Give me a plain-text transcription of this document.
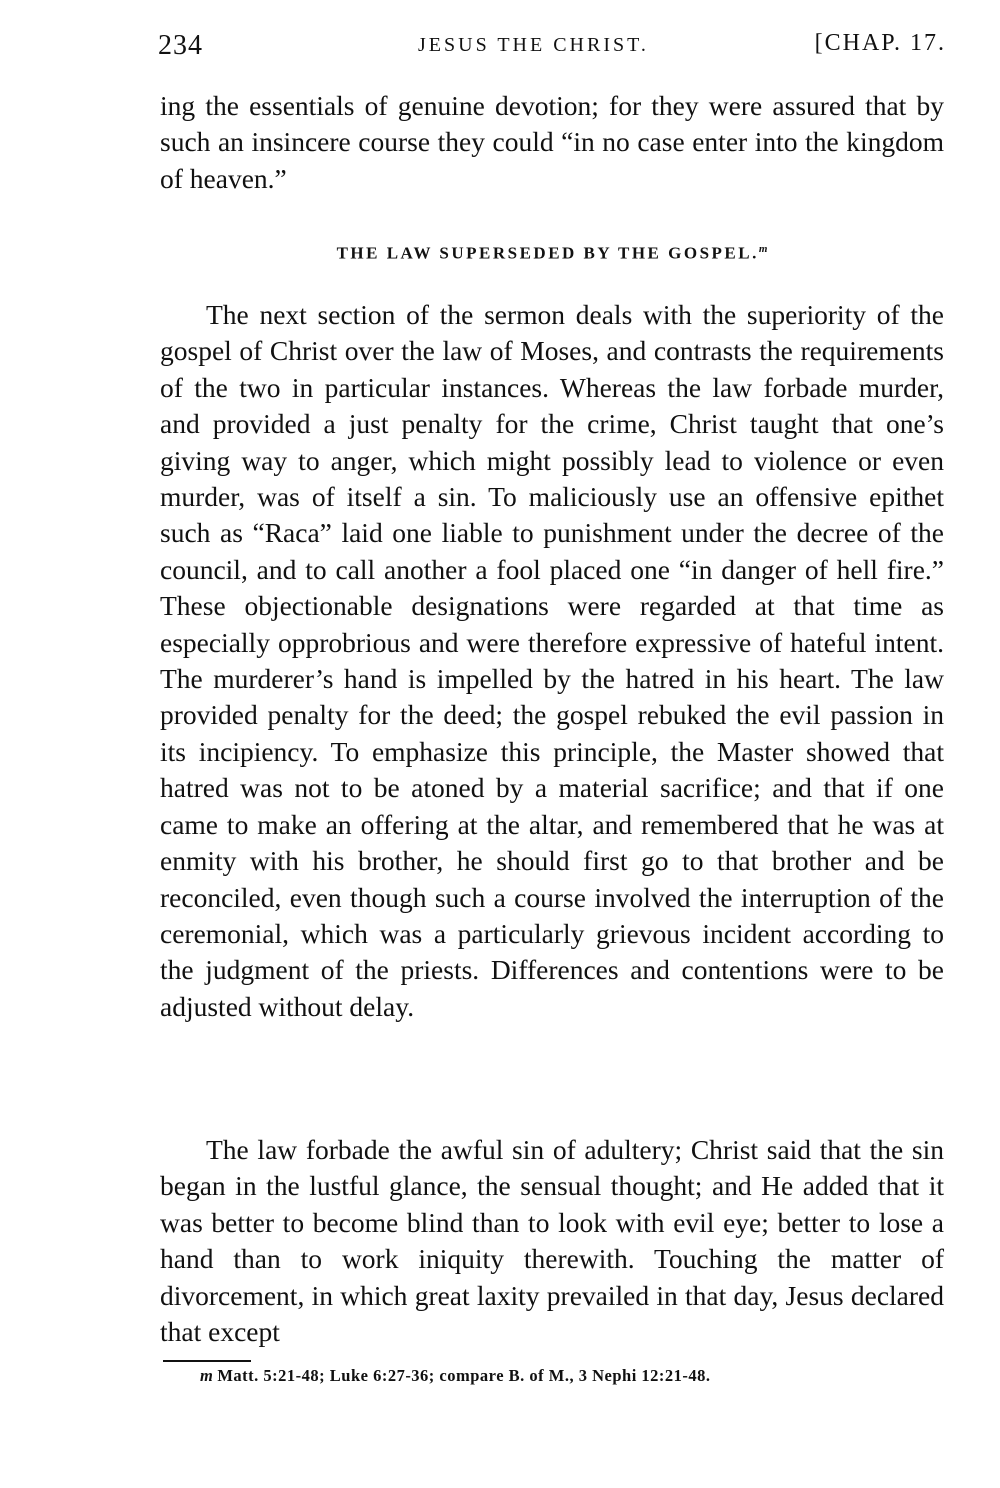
234	JESUS THE CHRIST.	[CHAP. 17.

ing the essentials of genuine devotion; for they were assured that by such an insincere course they could “in no case enter into the kingdom of heaven.”

THE LAW SUPERSEDED BY THE GOSPEL.$^m$

The next section of the sermon deals with the superiority of the gospel of Christ over the law of Moses, and contrasts the requirements of the two in particular instances. Whereas the law forbade murder, and provided a just penalty for the crime, Christ taught that one’s giving way to anger, which might possibly lead to violence or even murder, was of itself a sin. To maliciously use an offensive epithet such as “Raca” laid one liable to punishment under the decree of the council, and to call another a fool placed one “in danger of hell fire.” These objectionable designations were regarded at that time as especially opprobrious and were therefore expressive of hateful intent. The murderer’s hand is impelled by the hatred in his heart. The law provided penalty for the deed; the gospel rebuked the evil passion in its incipiency. To emphasize this principle, the Master showed that hatred was not to be atoned by a material sacrifice; and that if one came to make an offering at the altar, and remembered that he was at enmity with his brother, he should first go to that brother and be reconciled, even though such a course involved the interruption of the ceremonial, which was a particularly grievous incident according to the judgment of the priests. Differences and contentions were to be adjusted without delay.

The law forbade the awful sin of adultery; Christ said that the sin began in the lustful glance, the sensual thought; and He added that it was better to become blind than to look with evil eye; better to lose a hand than to work iniquity therewith. Touching the matter of divorcement, in which great laxity prevailed in that day, Jesus declared that except

m Matt. 5:21-48; Luke 6:27-36; compare B. of M., 3 Nephi 12:21-48.
